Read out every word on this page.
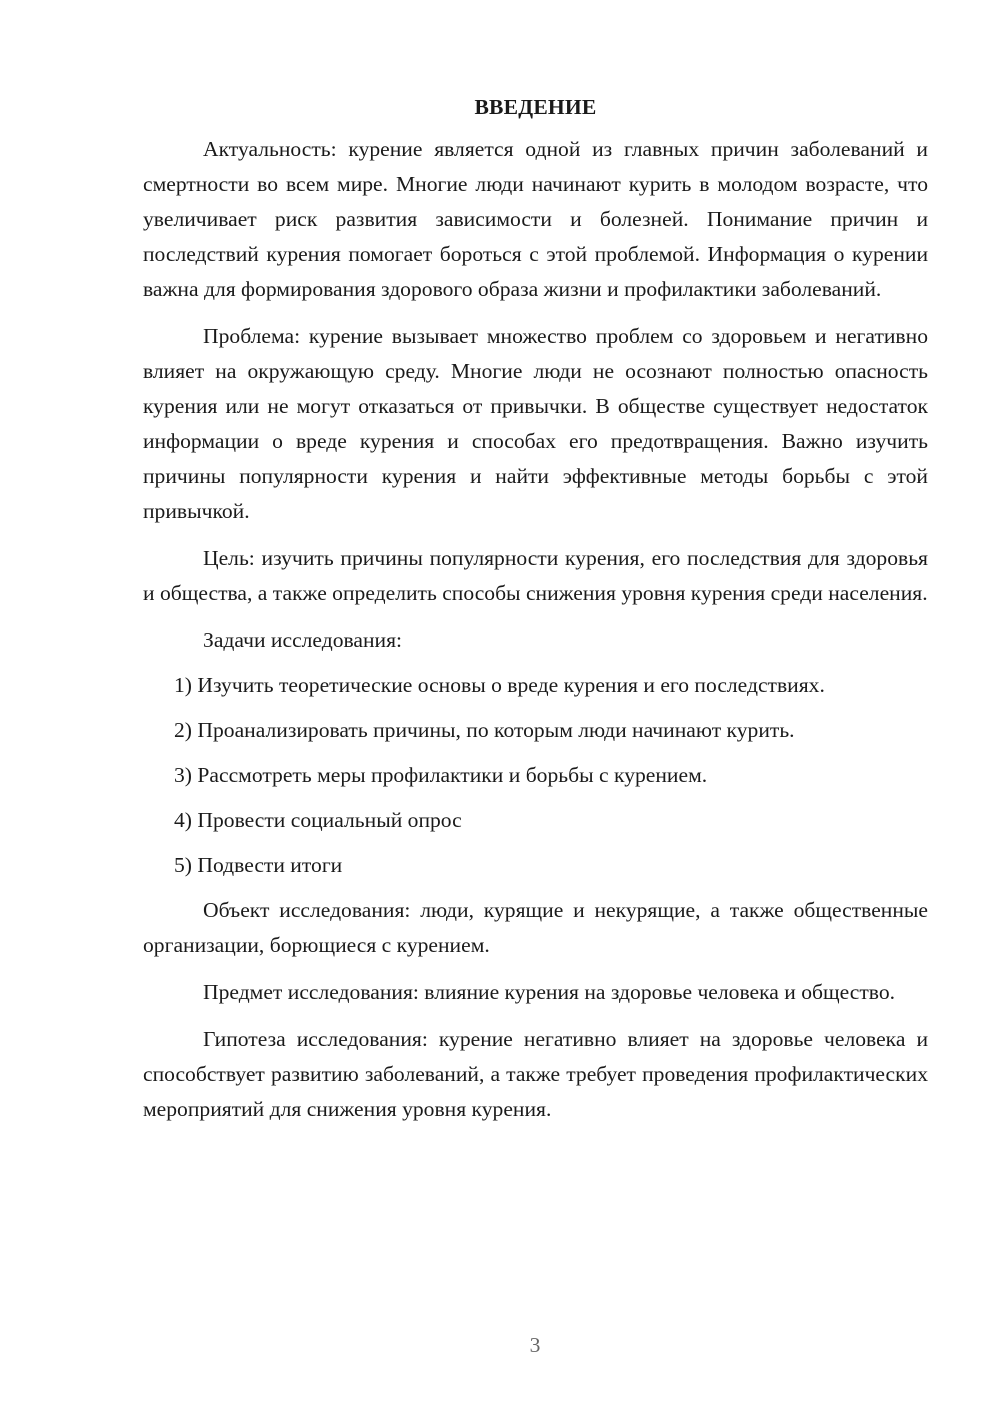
ВВЕДЕНИЕ

Актуальность: курение является одной из главных причин заболеваний и смертности во всем мире. Многие люди начинают курить в молодом возрасте, что увеличивает риск развития зависимости и болезней. Понимание причин и последствий курения помогает бороться с этой проблемой. Информация о курении важна для формирования здорового образа жизни и профилактики заболеваний.

Проблема: курение вызывает множество проблем со здоровьем и негативно влияет на окружающую среду. Многие люди не осознают полностью опасность курения или не могут отказаться от привычки. В обществе существует недостаток информации о вреде курения и способах его предотвращения. Важно изучить причины популярности курения и найти эффективные методы борьбы с этой привычкой.

Цель: изучить причины популярности курения, его последствия для здоровья и общества, а также определить способы снижения уровня курения среди населения.

Задачи исследования:

1) Изучить теоретические основы о вреде курения и его последствиях.

2) Проанализировать причины, по которым люди начинают курить.

3) Рассмотреть меры профилактики и борьбы с курением.

4) Провести социальный опрос

5) Подвести итоги

Объект исследования: люди, курящие и некурящие, а также общественные организации, борющиеся с курением.

Предмет исследования: влияние курения на здоровье человека и общество.

Гипотеза исследования: курение негативно влияет на здоровье человека и способствует развитию заболеваний, а также требует проведения профилактических мероприятий для снижения уровня курения.

3
